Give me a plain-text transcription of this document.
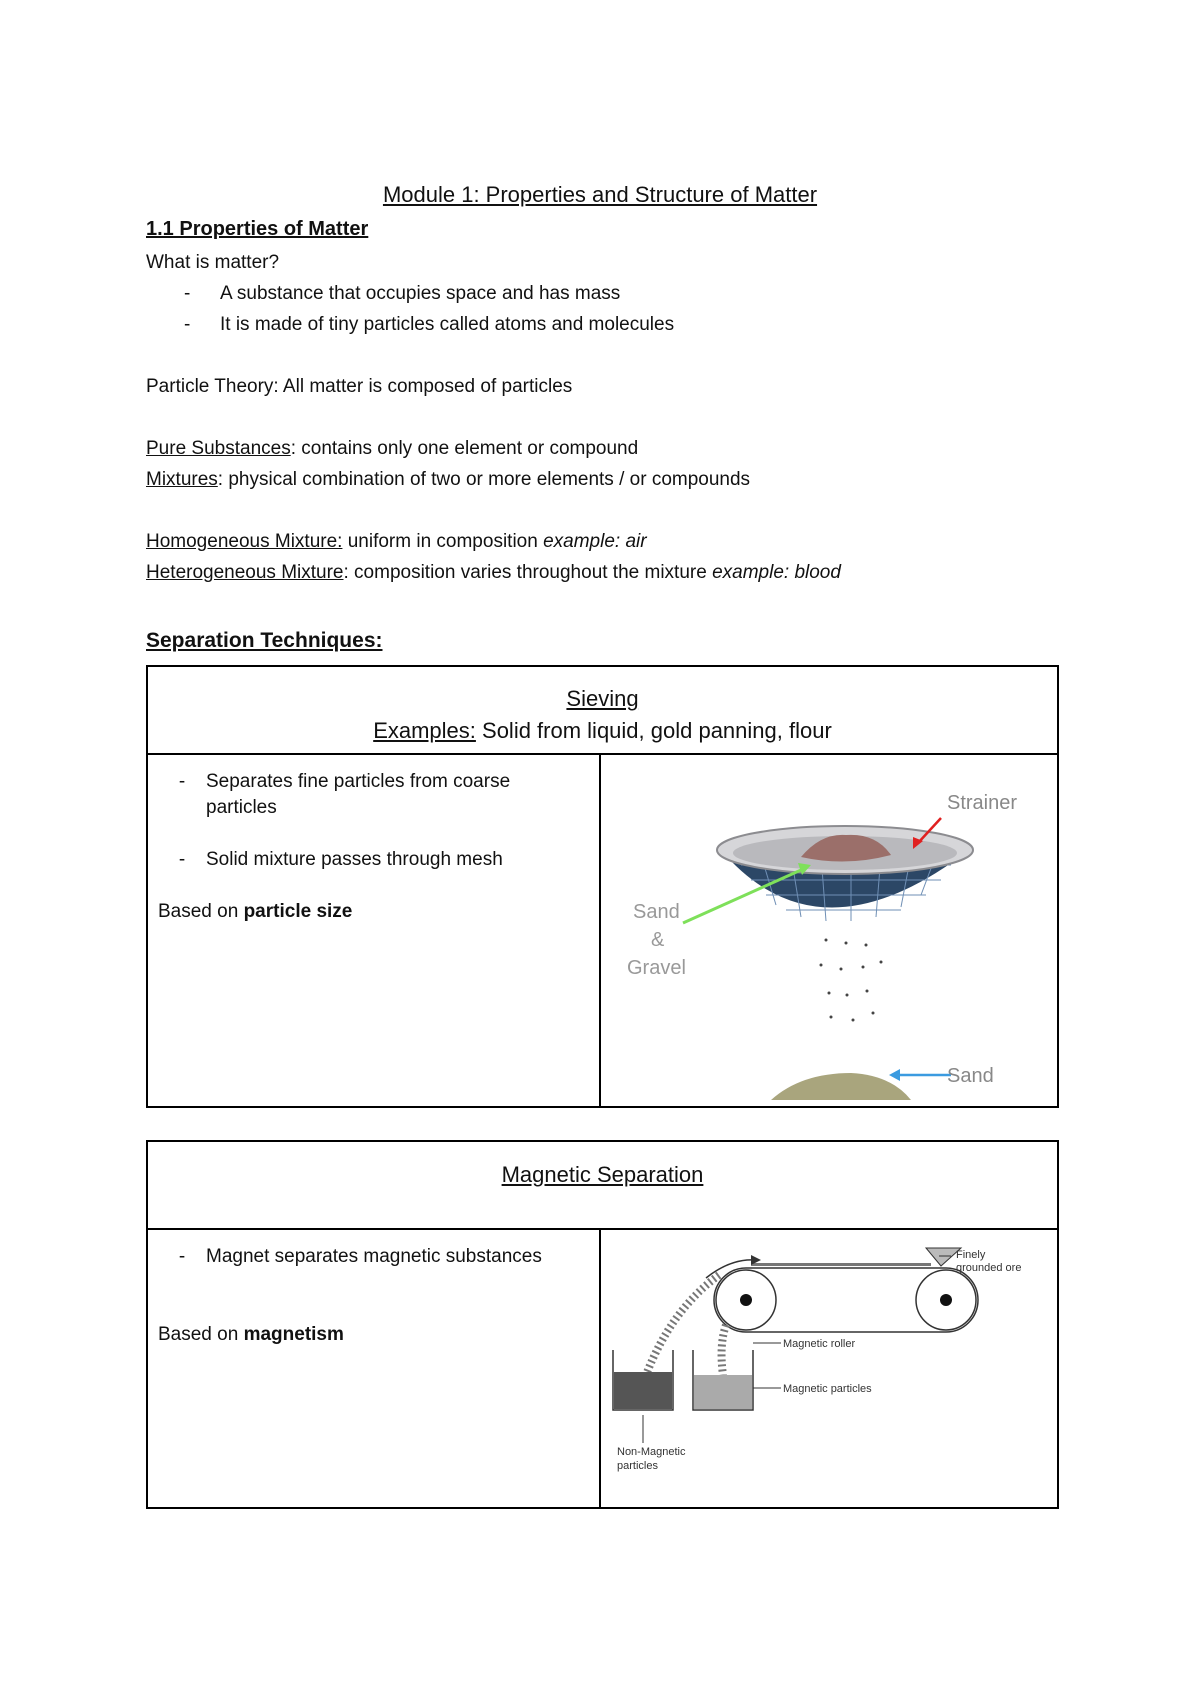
Module 1: Properties and Structure of Matter
1.1 Properties of Matter
What is matter?
- A substance that occupies space and has mass
- It is made of tiny particles called atoms and molecules
Particle Theory: All matter is composed of particles
Pure Substances: contains only one element or compound
Mixtures: physical combination of two or more elements / or compounds
Homogeneous Mixture: uniform in composition example: air
Heterogeneous Mixture: composition varies throughout the mixture example: blood
Separation Techniques:
Sieving
Examples: Solid from liquid, gold panning, flour

-	Separates fine particles from coarse particles
-	Solid mixture passes through mesh
Based on particle size

Strainer
Sand
&
Gravel
Sand
Magnetic Separation

-	Magnet separates magnetic substances
Based on magnetism

Finely
grounded ore
Magnetic roller
Magnetic particles
Non-Magnetic
particles
